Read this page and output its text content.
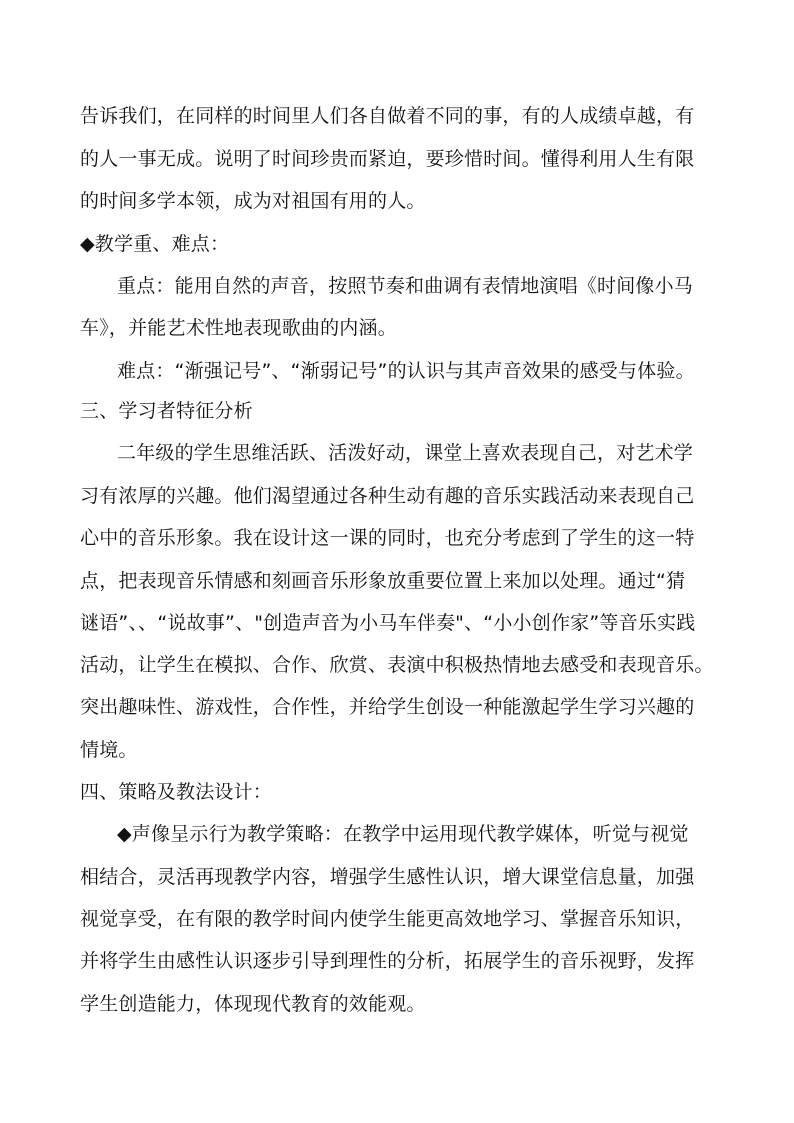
告诉我们，在同样的时间里人们各自做着不同的事，有的人成绩卓越，有
的人一事无成。说明了时间珍贵而紧迫，要珍惜时间。懂得利用人生有限
的时间多学本领，成为对祖国有用的人。
◆教学重、难点：
重点：能用自然的声音，按照节奏和曲调有表情地演唱《时间像小马
车》，并能艺术性地表现歌曲的内涵。
难点：“渐强记号”、“渐弱记号”的认识与其声音效果的感受与体验。
三、学习者特征分析
二年级的学生思维活跃、活泼好动，课堂上喜欢表现自己，对艺术学
习有浓厚的兴趣。他们渴望通过各种生动有趣的音乐实践活动来表现自己
心中的音乐形象。我在设计这一课的同时，也充分考虑到了学生的这一特
点，把表现音乐情感和刻画音乐形象放重要位置上来加以处理。通过“猜
谜语”、、“说故事”、"创造声音为小马车伴奏"、“小小创作家”等音乐实践
活动，让学生在模拟、合作、欣赏、表演中积极热情地去感受和表现音乐。
突出趣味性、游戏性，合作性，并给学生创设一种能激起学生学习兴趣的
情境。
四、策略及教法设计：
◆声像呈示行为教学策略：在教学中运用现代教学媒体，听觉与视觉
相结合，灵活再现教学内容，增强学生感性认识，增大课堂信息量，加强
视觉享受，在有限的教学时间内使学生能更高效地学习、掌握音乐知识，
并将学生由感性认识逐步引导到理性的分析，拓展学生的音乐视野，发挥
学生创造能力，体现现代教育的效能观。
